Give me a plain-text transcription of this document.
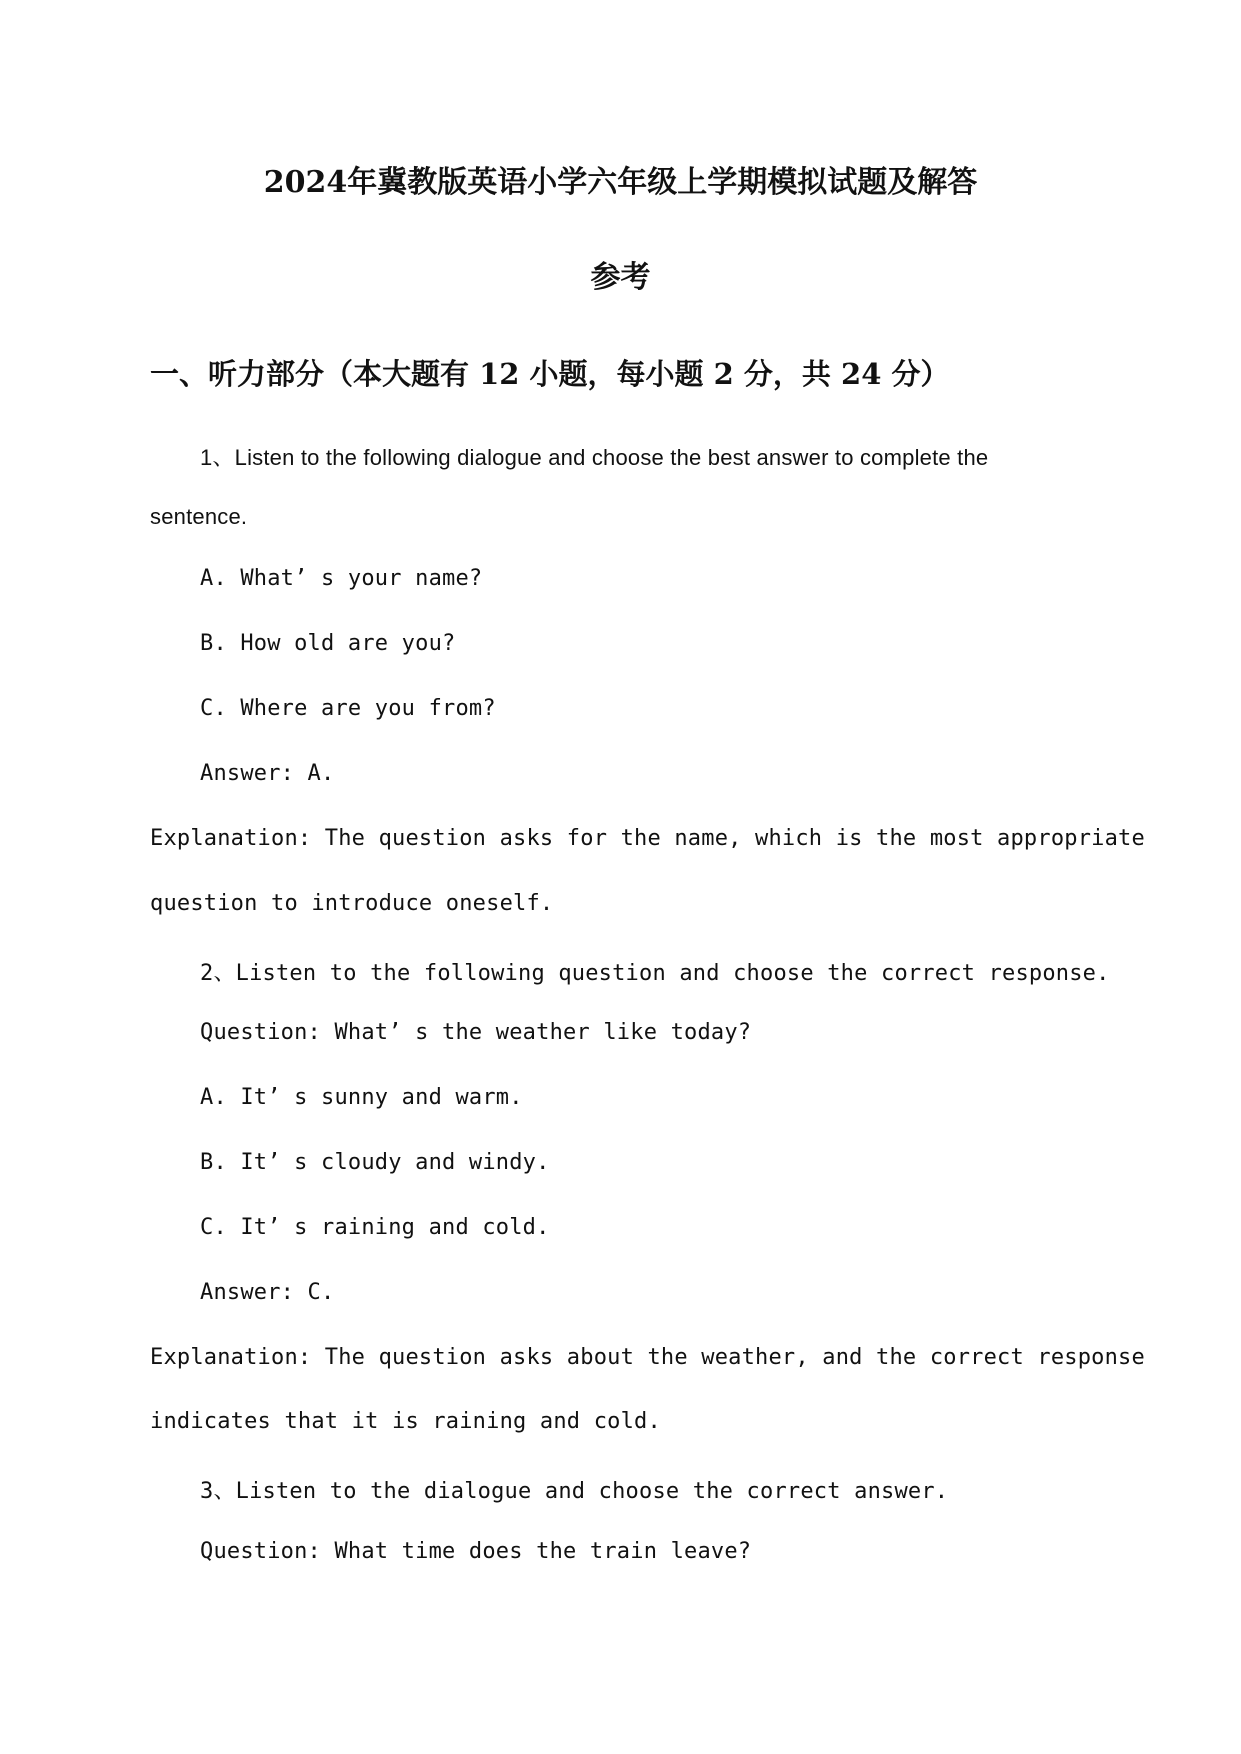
2024年冀教版英语小学六年级上学期模拟试题及解答
参考
一、听力部分（本大题有 12 小题，每小题 2 分，共 24 分）
1、Listen to the following dialogue and choose the best answer to complete the
sentence.
A. What’ s your name?
B. How old are you?
C. Where are you from?
Answer: A.
Explanation: The question asks for the name, which is the most appropriate
question to introduce oneself.
2、Listen to the following question and choose the correct response.
Question: What’ s the weather like today?
A. It’ s sunny and warm.
B. It’ s cloudy and windy.
C. It’ s raining and cold.
Answer: C.
Explanation: The question asks about the weather, and the correct response
indicates that it is raining and cold.
3、Listen to the dialogue and choose the correct answer.
Question: What time does the train leave?
